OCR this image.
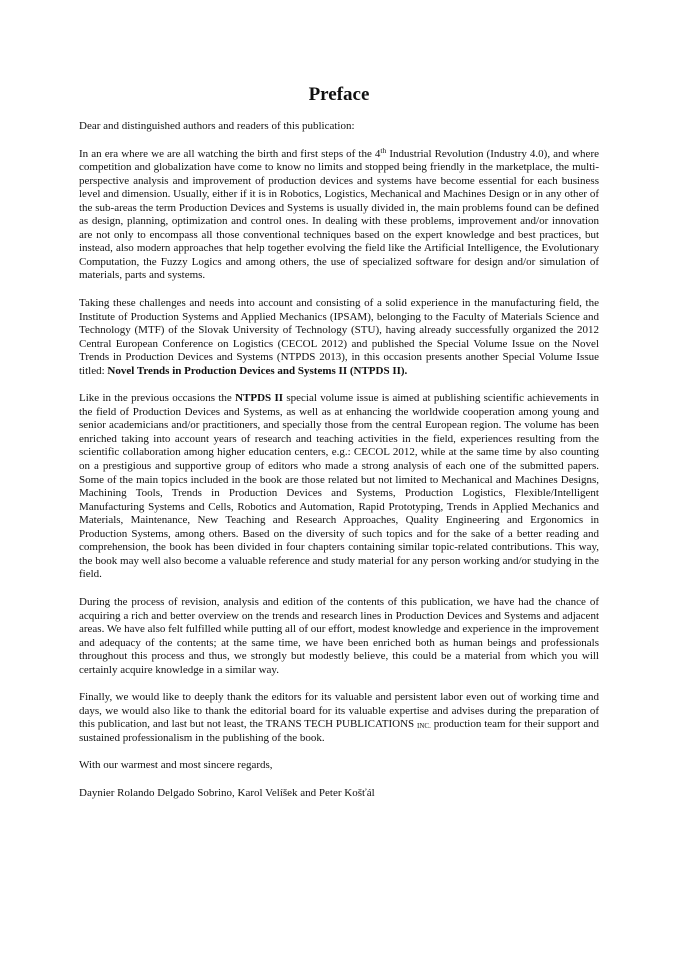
Preface

Dear and distinguished authors and readers of this publication:

In an era where we are all watching the birth and first steps of the 4th Industrial Revolution (Industry 4.0), and where competition and globalization have come to know no limits and stopped being friendly in the marketplace, the multi-perspective analysis and improvement of production devices and systems have become essential for each business level and dimension. Usually, either if it is in Robotics, Logistics, Mechanical and Machines Design or in any other of the sub-areas the term Production Devices and Systems is usually divided in, the main problems found can be defined as design, planning, optimization and control ones. In dealing with these problems, improvement and/or innovation are not only to encompass all those conventional techniques based on the expert knowledge and best practices, but instead, also modern approaches that help together evolving the field like the Artificial Intelligence, the Evolutionary Computation, the Fuzzy Logics and among others, the use of specialized software for design and/or simulation of materials, parts and systems.

Taking these challenges and needs into account and consisting of a solid experience in the manufacturing field, the Institute of Production Systems and Applied Mechanics (IPSAM), belonging to the Faculty of Materials Science and Technology (MTF) of the Slovak University of Technology (STU), having already successfully organized the 2012 Central European Conference on Logistics (CECOL 2012) and published the Special Volume Issue on the Novel Trends in Production Devices and Systems (NTPDS 2013), in this occasion presents another Special Volume Issue titled: Novel Trends in Production Devices and Systems II (NTPDS II).

Like in the previous occasions the NTPDS II special volume issue is aimed at publishing scientific achievements in the field of Production Devices and Systems, as well as at enhancing the worldwide cooperation among young and senior academicians and/or practitioners, and specially those from the central European region. The volume has been enriched taking into account years of research and teaching activities in the field, experiences resulting from the scientific collaboration among higher education centers, e.g.: CECOL 2012, while at the same time by also counting on a prestigious and supportive group of editors who made a strong analysis of each one of the submitted papers. Some of the main topics included in the book are those related but not limited to Mechanical and Machines Designs, Machining Tools, Trends in Production Devices and Systems, Production Logistics, Flexible/Intelligent Manufacturing Systems and Cells, Robotics and Automation, Rapid Prototyping, Trends in Applied Mechanics and Materials, Maintenance, New Teaching and Research Approaches, Quality Engineering and Ergonomics in Production Systems, among others. Based on the diversity of such topics and for the sake of a better reading and comprehension, the book has been divided in four chapters containing similar topic-related contributions. This way, the book may well also become a valuable reference and study material for any person working and/or studying in the field.

During the process of revision, analysis and edition of the contents of this publication, we have had the chance of acquiring a rich and better overview on the trends and research lines in Production Devices and Systems and adjacent areas. We have also felt fulfilled while putting all of our effort, modest knowledge and experience in the improvement and adequacy of the contents; at the same time, we have been enriched both as human beings and professionals throughout this process and thus, we strongly but modestly believe, this could be a material from which you will certainly acquire knowledge in a similar way.

Finally, we would like to deeply thank the editors for its valuable and persistent labor even out of working time and days, we would also like to thank the editorial board for its valuable expertise and advises during the preparation of this publication, and last but not least, the TRANS TECH PUBLICATIONS $_{INC.}$ production team for their support and sustained professionalism in the publishing of the book.

With our warmest and most sincere regards,

Daynier Rolando Delgado Sobrino, Karol Velíšek and Peter Košťál
